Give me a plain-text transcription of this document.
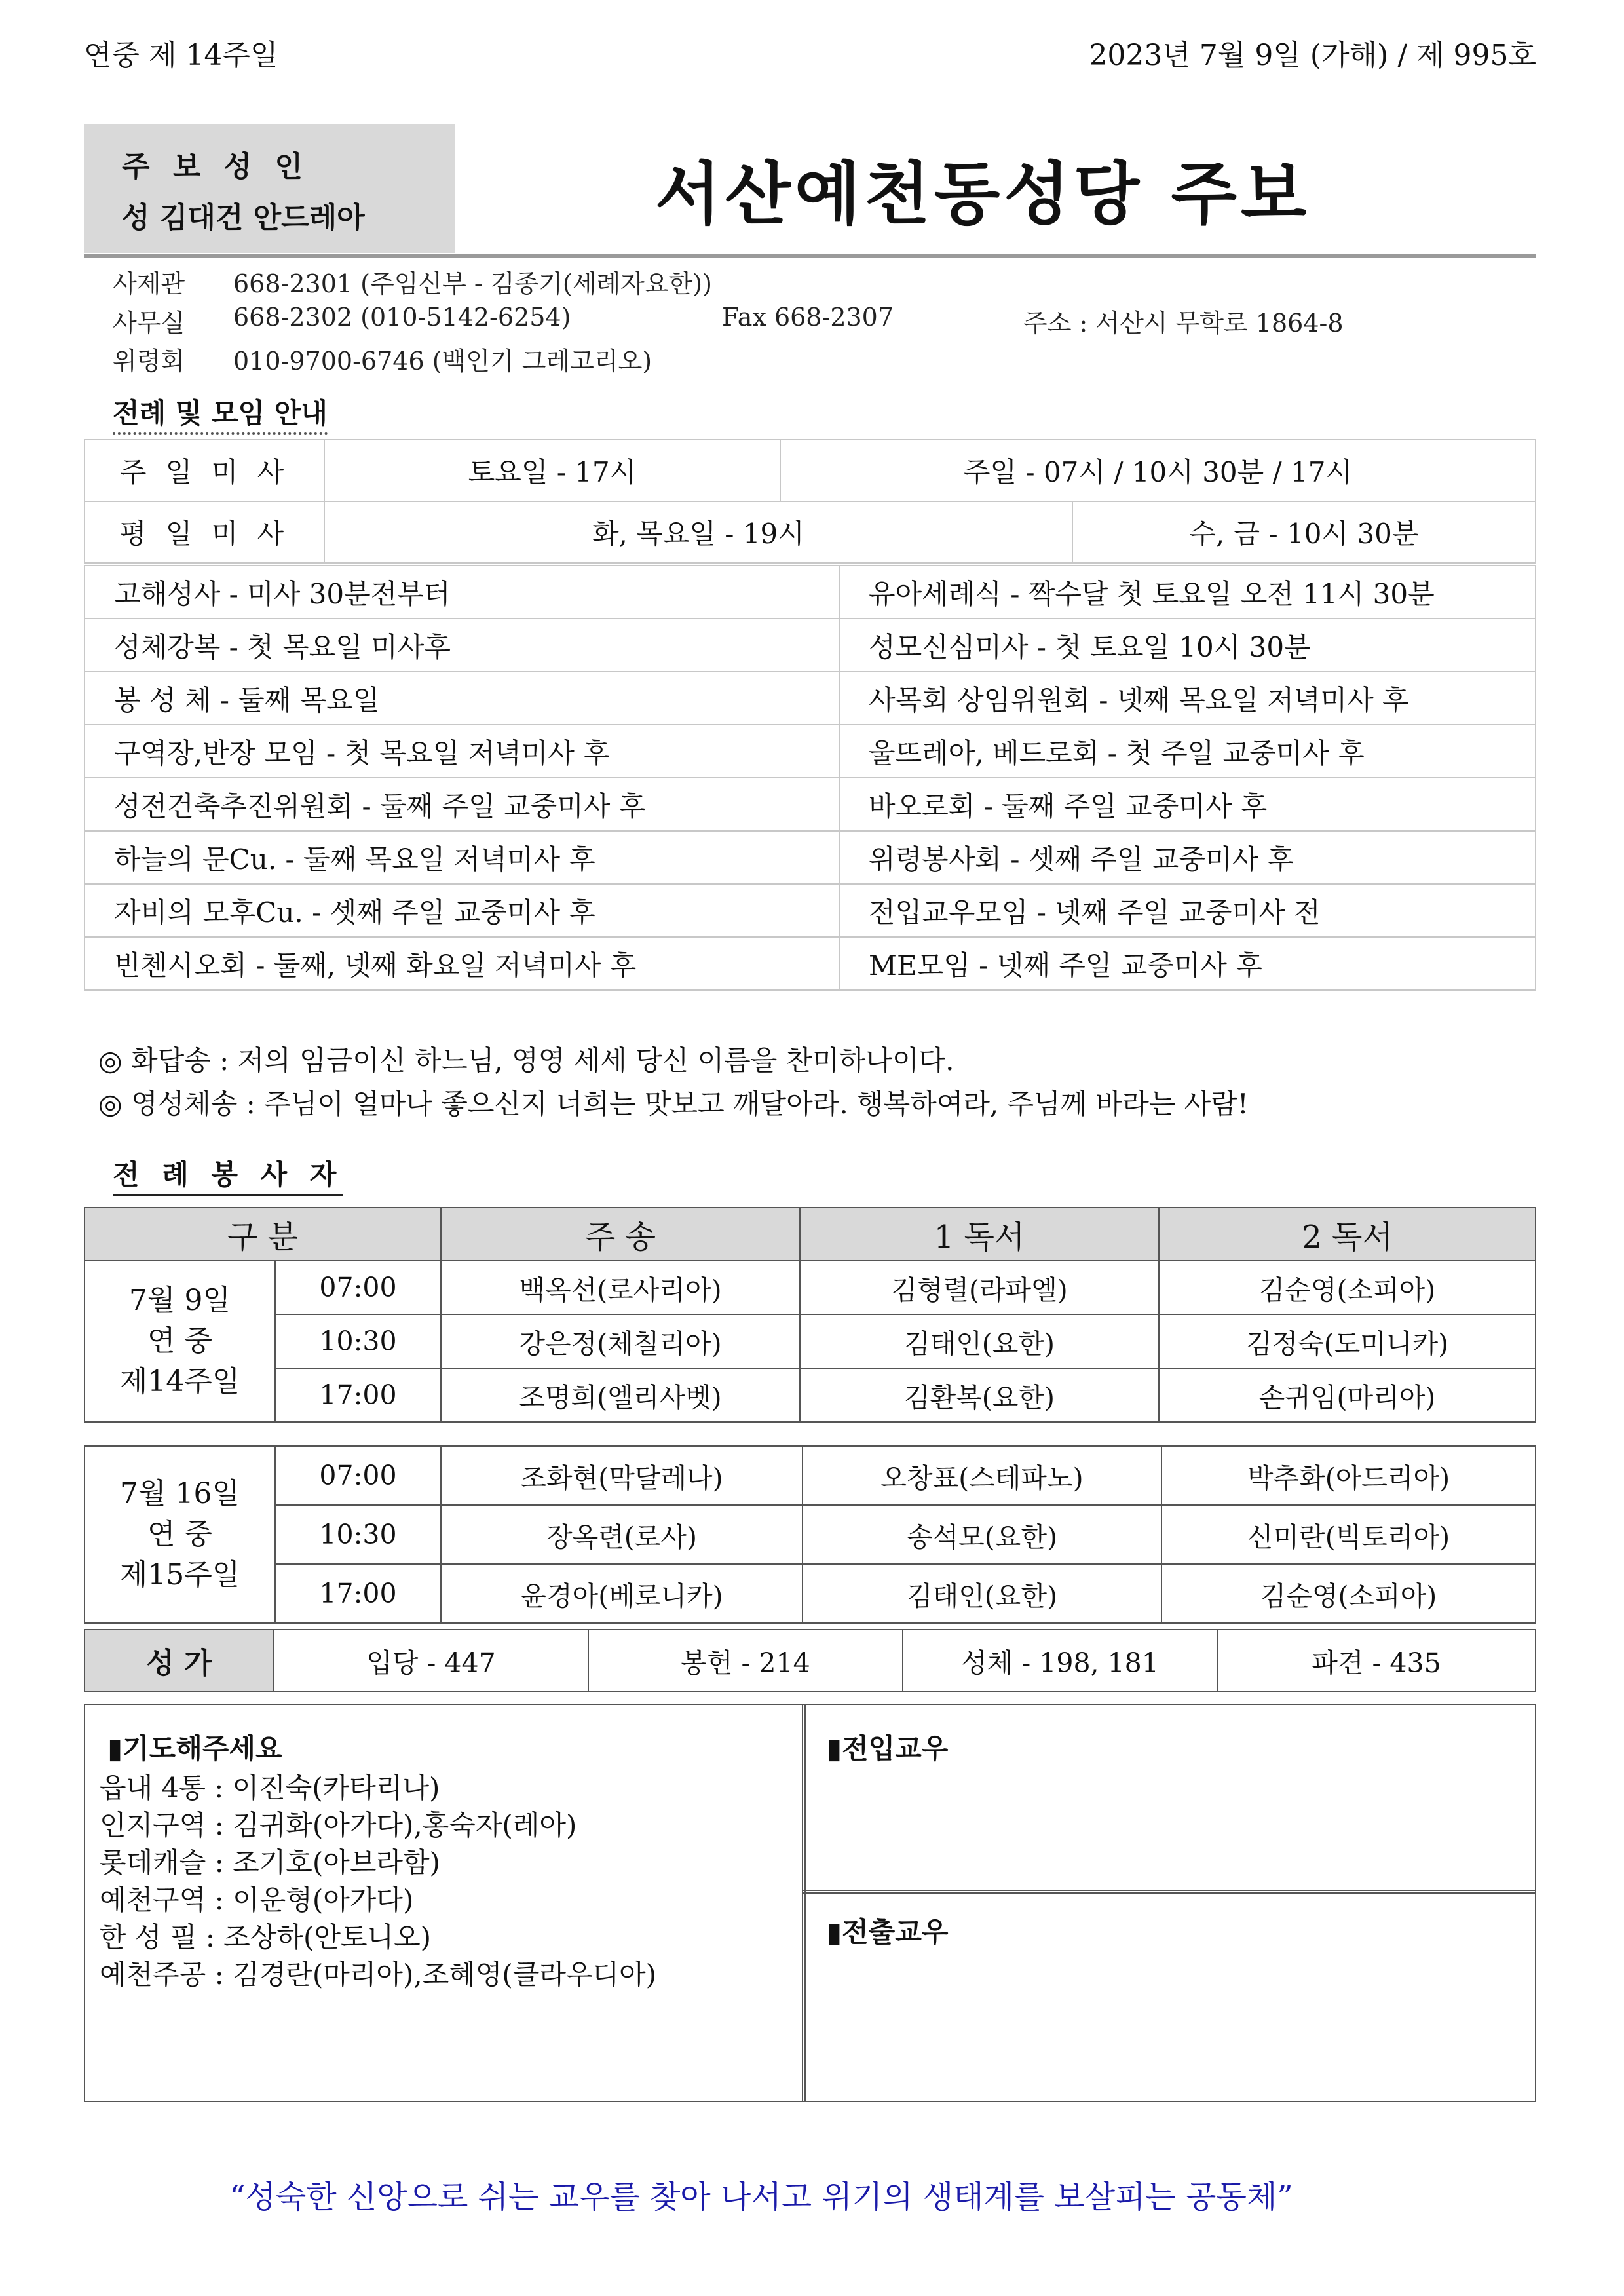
연중 제 14주일	2023년 7월 9일 (가해) / 제 995호
주 보 성 인
성 김대건 안드레아	서산예천동성당 주보
사제관 668-2301 (주임신부 - 김종기(세례자요한))
사무실 668-2302 (010-5142-6254)	Fax 668-2307	주소 : 서산시 무학로 1864-8
위령회 010-9700-6746 (백인기 그레고리오)
전례 및 모임 안내
주 일 미 사	토요일 - 17시	주일 - 07시 / 10시 30분 / 17시	
평 일 미 사	화, 목요일 - 19시		수, 금 - 10시 30분
고해성사 - 미사 30분전부터	유아세례식 - 짝수달 첫 토요일 오전 11시 30분
성체강복 - 첫 목요일 미사후	성모신심미사 - 첫 토요일 10시 30분
봉 성 체 - 둘째 목요일	사목회 상임위원회 - 넷째 목요일 저녁미사 후
구역장,반장 모임 - 첫 목요일 저녁미사 후	울뜨레아, 베드로회 - 첫 주일 교중미사 후
성전건축추진위원회 - 둘째 주일 교중미사 후	바오로회 - 둘째 주일 교중미사 후
하늘의 문Cu. - 둘째 목요일 저녁미사 후	위령봉사회 - 셋째 주일 교중미사 후
자비의 모후Cu. - 셋째 주일 교중미사 후	전입교우모임 - 넷째 주일 교중미사 전
빈첸시오회 - 둘째, 넷째 화요일 저녁미사 후	ME모임 - 넷째 주일 교중미사 후
◎ 화답송 : 저의 임금이신 하느님, 영영 세세 당신 이름을 찬미하나이다.
◎ 영성체송 : 주님이 얼마나 좋으신지 너희는 맛보고 깨달아라. 행복하여라, 주님께 바라는 사람!
전 례 봉 사 자
구 분	주 송	1 독서	2 독서
7월 9일
연 중
제14주일	07:00	백옥선(로사리아)	김형렬(라파엘)	김순영(소피아)
	10:30	강은정(체칠리아)	김태인(요한)	김정숙(도미니카)
	17:00	조명희(엘리사벳)	김환복(요한)	손귀임(마리아)
7월 16일
연 중
제15주일	07:00	조화현(막달레나)	오창표(스테파노)	박추화(아드리아)
	10:30	장옥련(로사)	송석모(요한)	신미란(빅토리아)
	17:00	윤경아(베로니카)	김태인(요한)	김순영(소피아)
성 가	입당 - 447	봉헌 - 214	성체 - 198, 181	파견 - 435
▮기도해주세요
읍내 4통 : 이진숙(카타리나)
인지구역 : 김귀화(아가다),홍숙자(레아)
롯데캐슬 : 조기호(아브라함)
예천구역 : 이운형(아가다)
한 성 필 : 조상하(안토니오)
예천주공 : 김경란(마리아),조혜영(클라우디아)
▮전입교우
▮전출교우
“성숙한 신앙으로 쉬는 교우를 찾아 나서고 위기의 생태계를 보살피는 공동체”
